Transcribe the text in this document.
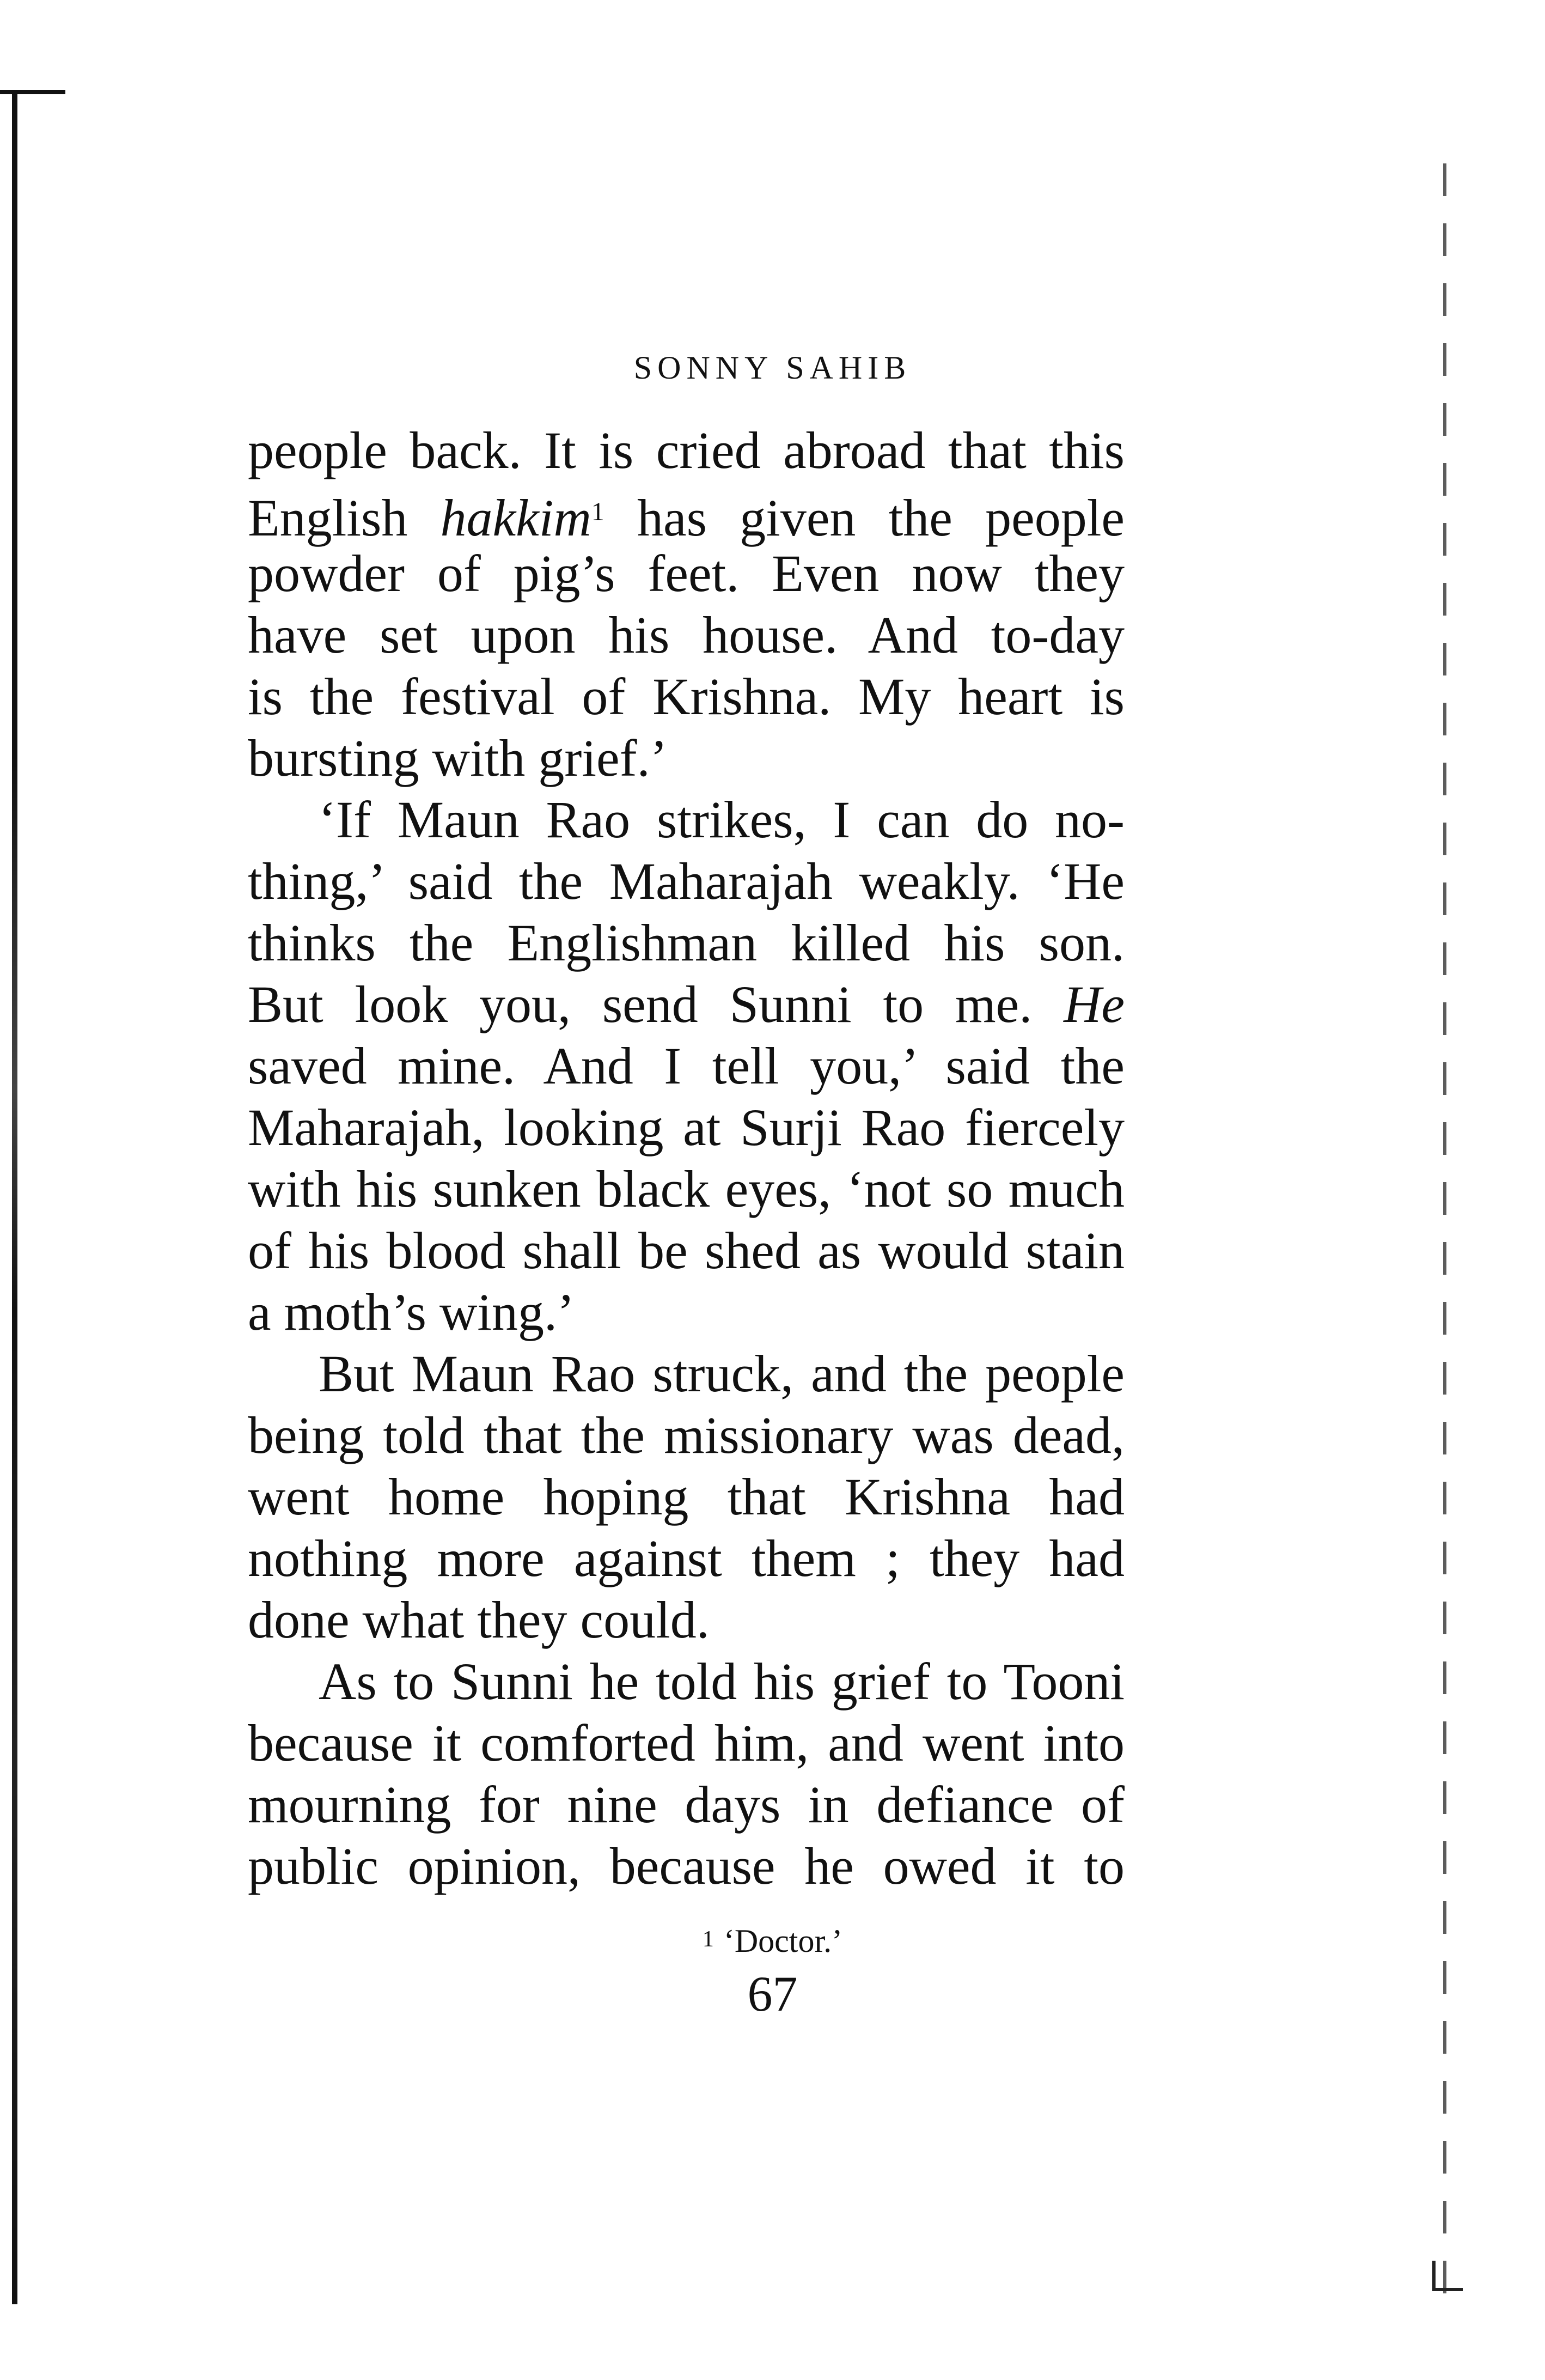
SONNY SAHIB
people back. It is cried abroad that this
English hakkim$^1$ has given the people
powder of pig’s feet. Even now they
have set upon his house. And to-day
is the festival of Krishna. My heart is
bursting with grief.’
‘If Maun Rao strikes, I can do no-
thing,’ said the Maharajah weakly. ‘He
thinks the Englishman killed his son.
But look you, send Sunni to me. He
saved mine. And I tell you,’ said the
Maharajah, looking at Surji Rao fiercely
with his sunken black eyes, ‘not so much
of his blood shall be shed as would stain
a moth’s wing.’
But Maun Rao struck, and the people
being told that the missionary was dead,
went home hoping that Krishna had
nothing more against them ; they had
done what they could.
As to Sunni he told his grief to Tooni
because it comforted him, and went into
mourning for nine days in defiance of
public opinion, because he owed it to
$^1$ ‘Doctor.’
67
